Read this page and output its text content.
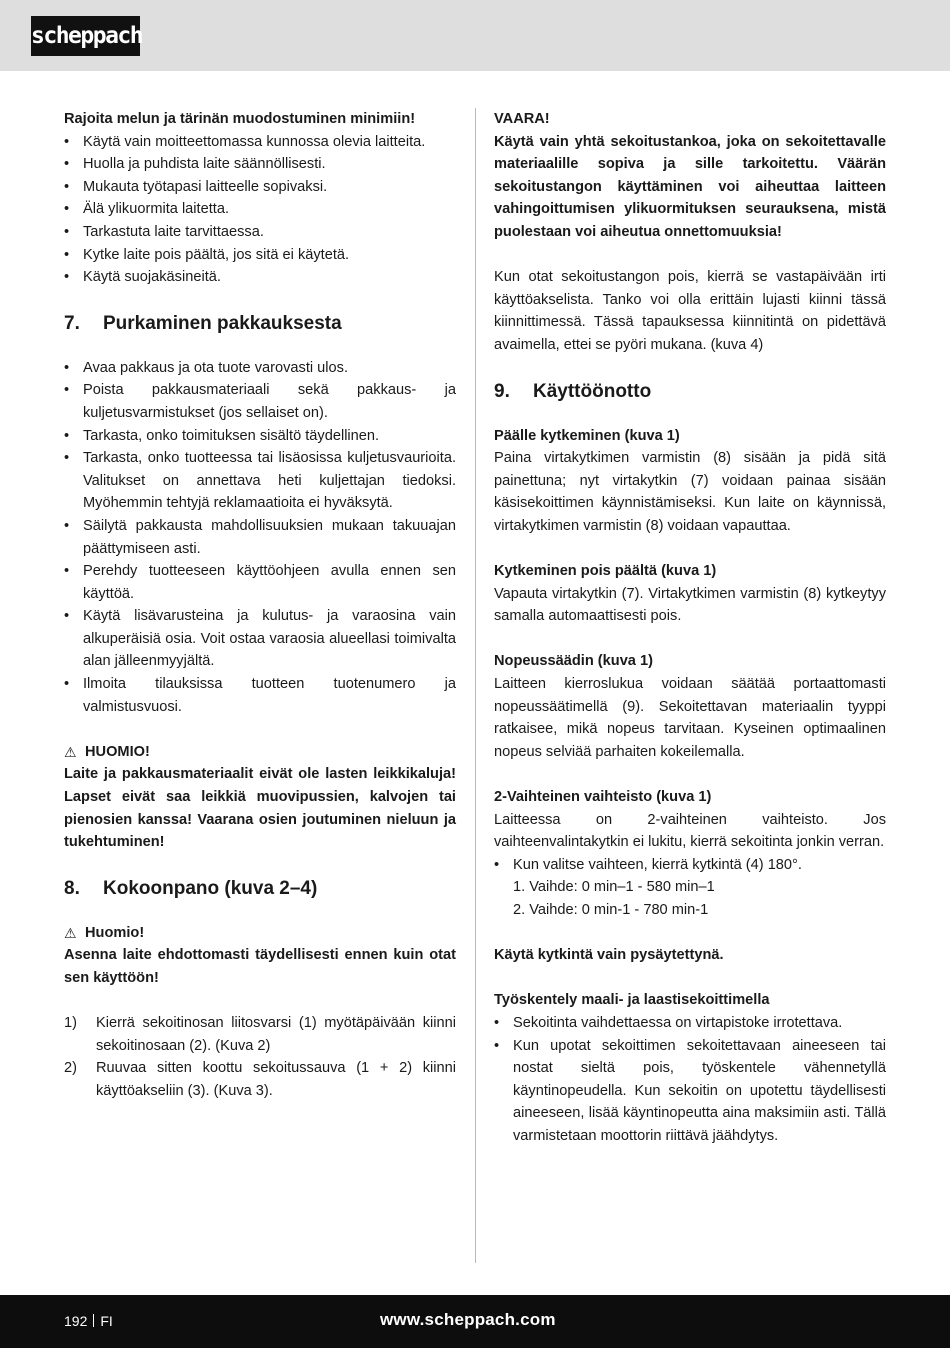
scheppach
Rajoita melun ja tärinän muodostuminen minimiin!
• Käytä vain moitteettomassa kunnossa olevia laitteita.
• Huolla ja puhdista laite säännöllisesti.
• Mukauta työtapasi laitteelle sopivaksi.
• Älä ylikuormita laitetta.
• Tarkastuta laite tarvittaessa.
• Kytke laite pois päältä, jos sitä ei käytetä.
• Käytä suojakäsineitä.
7.	Purkaminen pakkauksesta
• Avaa pakkaus ja ota tuote varovasti ulos.
• Poista pakkausmateriaali sekä pakkaus- ja kuljetusvarmistukset (jos sellaiset on).
• Tarkasta, onko toimituksen sisältö täydellinen.
• Tarkasta, onko tuotteessa tai lisäosissa kuljetusvaurioita. Valitukset on annettava heti kuljettajan tiedoksi. Myöhemmin tehtyjä reklamaatioita ei hyväksytä.
• Säilytä pakkausta mahdollisuuksien mukaan takuuajan päättymiseen asti.
• Perehdy tuotteeseen käyttöohjeen avulla ennen sen käyttöä.
• Käytä lisävarusteina ja kulutus- ja varaosina vain alkuperäisiä osia. Voit ostaa varaosia alueellasi toimivalta alan jälleenmyyjältä.
• Ilmoita tilauksissa tuotteen tuotenumero ja valmistusvuosi.
⚠ HUOMIO!
Laite ja pakkausmateriaalit eivät ole lasten leikkikaluja! Lapset eivät saa leikkiä muovipussien, kalvojen tai pienosien kanssa! Vaarana osien joutuminen nieluun ja tukehtuminen!
8.	Kokoonpano (kuva 2–4)
⚠ Huomio!
Asenna laite ehdottomasti täydellisesti ennen kuin otat sen käyttöön!
1) Kierrä sekoitinosan liitosvarsi (1) myötäpäivään kiinni sekoitinosaan (2). (Kuva 2)
2) Ruuvaa sitten koottu sekoitussauva (1 + 2) kiinni käyttöakseliin (3). (Kuva 3).
VAARA!
Käytä vain yhtä sekoitustankoa, joka on sekoitettavalle materiaalille sopiva ja sille tarkoitettu. Väärän sekoitustangon käyttäminen voi aiheuttaa laitteen vahingoittumisen ylikuormituksen seurauksena, mistä puolestaan voi aiheutua onnettomuuksia!
Kun otat sekoitustangon pois, kierrä se vastapäivään irti käyttöakselista. Tanko voi olla erittäin lujasti kiinni tässä kiinnittimessä. Tässä tapauksessa kiinnitintä on pidettävä avaimella, ettei se pyöri mukana. (kuva 4)
9.	Käyttöönotto
Päälle kytkeminen (kuva 1)
Paina virtakytkimen varmistin (8) sisään ja pidä sitä painettuna; nyt virtakytkin (7) voidaan painaa sisään käsisekoittimen käynnistämiseksi. Kun laite on käynnissä, virtakytkimen varmistin (8) voidaan vapauttaa.
Kytkeminen pois päältä (kuva 1)
Vapauta virtakytkin (7). Virtakytkimen varmistin (8) kytkeytyy samalla automaattisesti pois.
Nopeussäädin (kuva 1)
Laitteen kierroslukua voidaan säätää portaattomasti nopeussäätimellä (9). Sekoitettavan materiaalin tyyppi ratkaisee, mikä nopeus tarvitaan. Kyseinen optimaalinen nopeus selviää parhaiten kokeilemalla.
2-Vaihteinen vaihteisto (kuva 1)
Laitteessa on 2-vaihteinen vaihteisto. Jos vaihteenvalintakytkin ei lukitu, kierrä sekoitinta jonkin verran.
• Kun valitse vaihteen, kierrä kytkintä (4) 180°.
1. Vaihde: 0 min–1 - 580 min–1
2. Vaihde: 0 min-1 - 780 min-1
Käytä kytkintä vain pysäytettynä.
Työskentely maali- ja laastisekoittimella
• Sekoitinta vaihdettaessa on virtapistoke irrotettava.
• Kun upotat sekoittimen sekoitettavaan aineeseen tai nostat sieltä pois, työskentele vähennetyllä käyntinopeudella. Kun sekoitin on upotettu täydellisesti aineeseen, lisää käyntinopeutta aina maksimiin asti. Tällä varmistetaan moottorin riittävä jäähdytys.
192 FI	www.scheppach.com
